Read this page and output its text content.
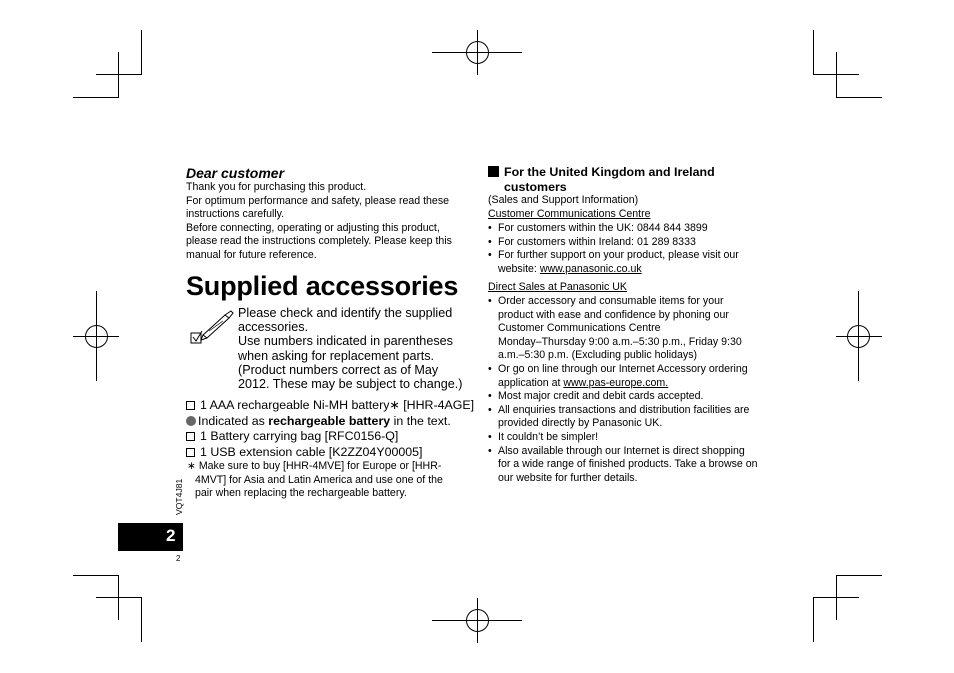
Dear customer
Thank you for purchasing this product.
For optimum performance and safety, please read these
instructions carefully.
Before connecting, operating or adjusting this product,
please read the instructions completely. Please keep this
manual for future reference.
Supplied accessories
Please check and identify the supplied
accessories.
Use numbers indicated in parentheses
when asking for replacement parts.
(Product numbers correct as of May
2012. These may be subject to change.)
1 AAA rechargeable Ni-MH battery∗ [HHR-4AGE]
Indicated as rechargeable battery in the text.
1 Battery carrying bag [RFC0156-Q]
1 USB extension cable [K2ZZ04Y00005]
∗ Make sure to buy [HHR-4MVE] for Europe or [HHR-
4MVT] for Asia and Latin America and use one of the
pair when replacing the rechargeable battery.
VQT4J81
2
2
For the United Kingdom and Ireland
customers
(Sales and Support Information)
Customer Communications Centre
• For customers within the UK: 0844 844 3899
• For customers within Ireland: 01 289 8333
• For further support on your product, please visit our
website: www.panasonic.co.uk
Direct Sales at Panasonic UK
• Order accessory and consumable items for your
product with ease and confidence by phoning our
Customer Communications Centre
Monday–Thursday 9:00 a.m.–5:30 p.m., Friday 9:30
a.m.–5:30 p.m. (Excluding public holidays)
• Or go on line through our Internet Accessory ordering
application at www.pas-europe.com.
• Most major credit and debit cards accepted.
• All enquiries transactions and distribution facilities are
provided directly by Panasonic UK.
• It couldn’t be simpler!
• Also available through our Internet is direct shopping
for a wide range of finished products. Take a browse on
our website for further details.
